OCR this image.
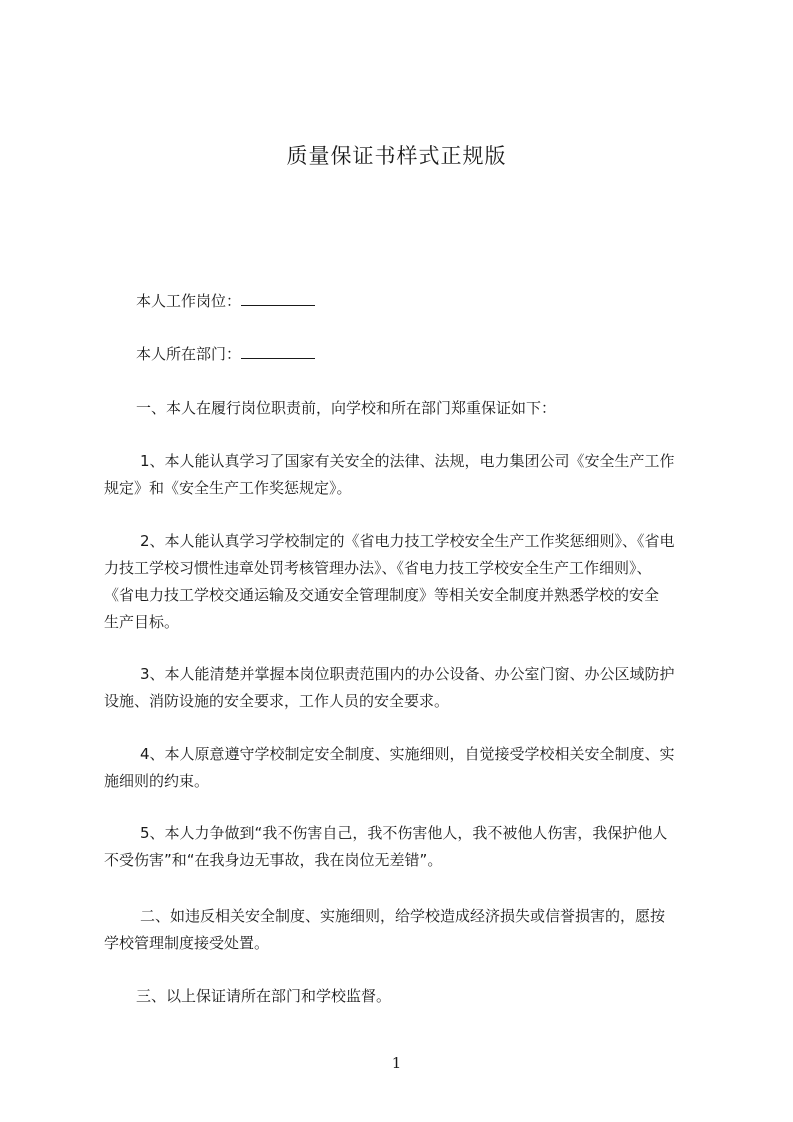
质量保证书样式正规版
本人工作岗位：
本人所在部门：
一、本人在履行岗位职责前，向学校和所在部门郑重保证如下：
1、本人能认真学习了国家有关安全的法律、法规，电力集团公司《安全生产工作
规定》和《安全生产工作奖惩规定》。
2、本人能认真学习学校制定的《省电力技工学校安全生产工作奖惩细则》、《省电
力技工学校习惯性违章处罚考核管理办法》、《省电力技工学校安全生产工作细则》、
《省电力技工学校交通运输及交通安全管理制度》等相关安全制度并熟悉学校的安全
生产目标。
3、本人能清楚并掌握本岗位职责范围内的办公设备、办公室门窗、办公区域防护
设施、消防设施的安全要求，工作人员的安全要求。
4、本人原意遵守学校制定安全制度、实施细则，自觉接受学校相关安全制度、实
施细则的约束。
5、本人力争做到“我不伤害自己，我不伤害他人，我不被他人伤害，我保护他人
不受伤害”和“在我身边无事故，我在岗位无差错”。
二、如违反相关安全制度、实施细则，给学校造成经济损失或信誉损害的，愿按
学校管理制度接受处置。
三、以上保证请所在部门和学校监督。
1
